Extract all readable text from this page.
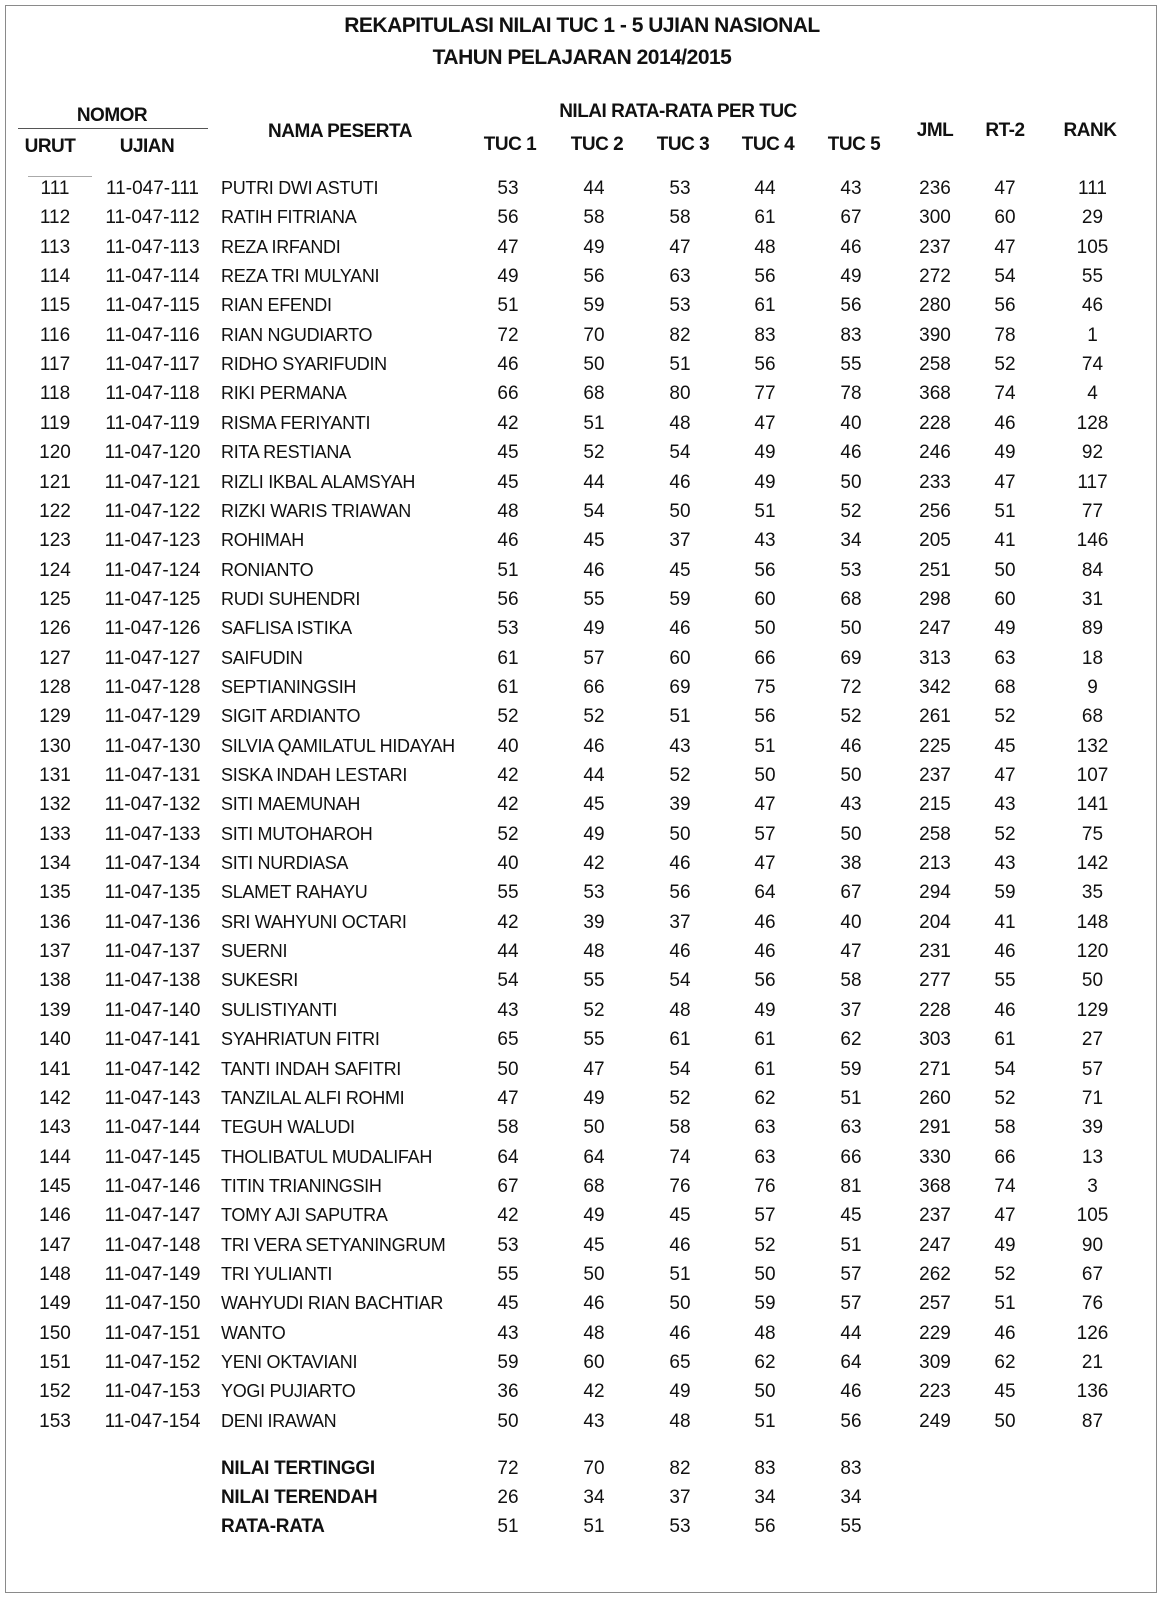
REKAPITULASI NILAI TUC 1 - 5 UJIAN NASIONAL
TAHUN PELAJARAN 2014/2015
NOMOR
URUT	UJIAN
NAMA PESERTA
NILAI RATA-RATA PER TUC
TUC 1	TUC 2	TUC 3	TUC 4	TUC 5
JML	RT-2	RANK
111	11-047-111	PUTRI DWI ASTUTI	53	44	53	44	43	236	47	111
112	11-047-112 RATIH FITRIANA	56	58	58	61	67	300	60	29
113	11-047-113 REZA IRFANDI	47	49	47	48	46	237	47	105
114	11-047-114 REZA TRI MULYANI	49	56	63	56	49	272	54	55
115	11-047-115 RIAN EFENDI	51	59	53	61	56	280	56	46
116	11-047-116 RIAN NGUDIARTO	72	70	82	83	83	390	78	1
117	11-047-117 RIDHO SYARIFUDIN	46	50	51	56	55	258	52	74
118	11-047-118 RIKI PERMANA	66	68	80	77	78	368	74	4
119	11-047-119 RISMA FERIYANTI	42	51	48	47	40	228	46	128
120	11-047-120 RITA RESTIANA	45	52	54	49	46	246	49	92
121	11-047-121 RIZLI IKBAL ALAMSYAH	45	44	46	49	50	233	47	117
122	11-047-122 RIZKI WARIS TRIAWAN	48	54	50	51	52	256	51	77
123	11-047-123 ROHIMAH	46	45	37	43	34	205	41	146
124	11-047-124 RONIANTO	51	46	45	56	53	251	50	84
125	11-047-125 RUDI SUHENDRI	56	55	59	60	68	298	60	31
126	11-047-126 SAFLISA ISTIKA	53	49	46	50	50	247	49	89
127	11-047-127 SAIFUDIN	61	57	60	66	69	313	63	18
128	11-047-128 SEPTIANINGSIH	61	66	69	75	72	342	68	9
129	11-047-129 SIGIT ARDIANTO	52	52	51	56	52	261	52	68
130	11-047-130 SILVIA QAMILATUL HIDAYAH	40	46	43	51	46	225	45	132
131	11-047-131 SISKA INDAH LESTARI	42	44	52	50	50	237	47	107
132	11-047-132 SITI MAEMUNAH	42	45	39	47	43	215	43	141
133	11-047-133 SITI MUTOHAROH	52	49	50	57	50	258	52	75
134	11-047-134 SITI NURDIASA	40	42	46	47	38	213	43	142
135	11-047-135 SLAMET RAHAYU	55	53	56	64	67	294	59	35
136	11-047-136 SRI WAHYUNI OCTARI	42	39	37	46	40	204	41	148
137	11-047-137 SUERNI	44	48	46	46	47	231	46	120
138	11-047-138 SUKESRI	54	55	54	56	58	277	55	50
139	11-047-140 SULISTIYANTI	43	52	48	49	37	228	46	129
140	11-047-141 SYAHRIATUN FITRI	65	55	61	61	62	303	61	27
141	11-047-142 TANTI INDAH SAFITRI	50	47	54	61	59	271	54	57
142	11-047-143 TANZILAL ALFI ROHMI	47	49	52	62	51	260	52	71
143	11-047-144 TEGUH WALUDI	58	50	58	63	63	291	58	39
144	11-047-145 THOLIBATUL MUDALIFAH	64	64	74	63	66	330	66	13
145	11-047-146 TITIN TRIANINGSIH	67	68	76	76	81	368	74	3
146	11-047-147 TOMY AJI SAPUTRA	42	49	45	57	45	237	47	105
147	11-047-148 TRI VERA SETYANINGRUM	53	45	46	52	51	247	49	90
148	11-047-149 TRI YULIANTI	55	50	51	50	57	262	52	67
149	11-047-150 WAHYUDI RIAN BACHTIAR	45	46	50	59	57	257	51	76
150	11-047-151 WANTO	43	48	46	48	44	229	46	126
151	11-047-152 YENI OKTAVIANI	59	60	65	62	64	309	62	21
152	11-047-153 YOGI PUJIARTO	36	42	49	50	46	223	45	136
153	11-047-154 DENI IRAWAN	50	43	48	51	56	249	50	87
NILAI TERTINGGI	72	70	82	83	83
NILAI TERENDAH	26	34	37	34	34
RATA-RATA	51	51	53	56	55
